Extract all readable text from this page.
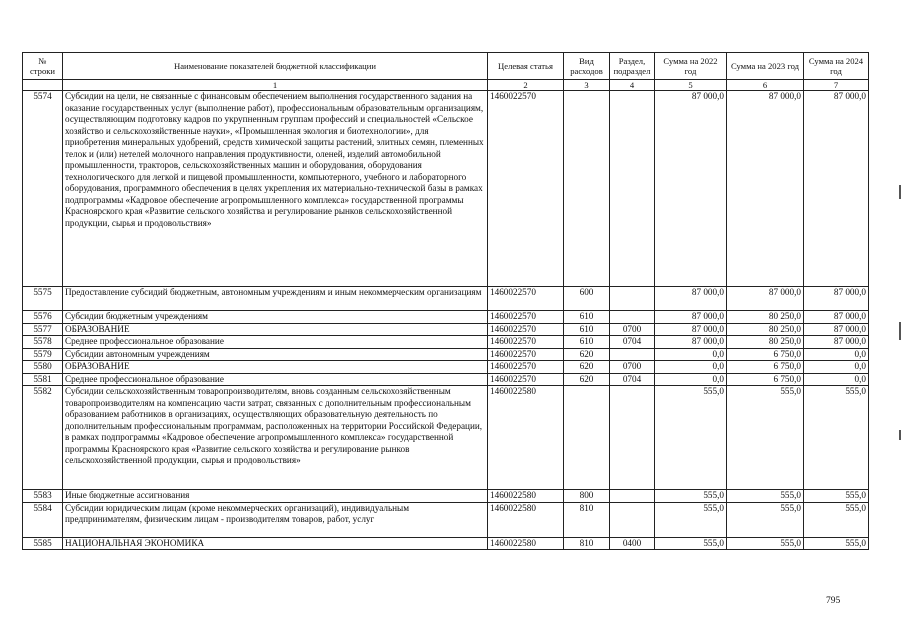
№ строки	Наименование показателей бюджетной классификации	Целевая статья	Вид расходов	Раздел, подраздел	Сумма на 2022 год	Сумма на 2023 год	Сумма на 2024 год
	1	2	3	4	5	6	7
5574	Субсидии на цели, не связанные с финансовым обеспечением выполнения государственного задания на оказание государственных услуг (выполнение работ), профессиональным образовательным организациям, осуществляющим подготовку кадров по укрупненным группам профессий и специальностей «Сельское хозяйство и сельскохозяйственные науки», «Промышленная экология и биотехнологии», для приобретения минеральных удобрений, средств химической защиты растений, элитных семян, племенных телок и (или) нетелей молочного направления продуктивности, оленей, изделий автомобильной промышленности, тракторов, сельскохозяйственных машин и оборудования, оборудования технологического для легкой и пищевой промышленности, компьютерного, учебного и лабораторного оборудования, программного обеспечения в целях укрепления их материально-технической базы в рамках подпрограммы «Кадровое обеспечение агропромышленного комплекса» государственной программы Красноярского края «Развитие сельского хозяйства и регулирование рынков сельскохозяйственной продукции, сырья и продовольствия»	1460022570			87 000,0	87 000,0	87 000,0
5575	Предоставление субсидий бюджетным, автономным учреждениям и иным некоммерческим организациям	1460022570	600		87 000,0	87 000,0	87 000,0
5576	Субсидии бюджетным учреждениям	1460022570	610		87 000,0	80 250,0	87 000,0
5577	ОБРАЗОВАНИЕ	1460022570	610	0700	87 000,0	80 250,0	87 000,0
5578	Среднее профессиональное образование	1460022570	610	0704	87 000,0	80 250,0	87 000,0
5579	Субсидии автономным учреждениям	1460022570	620		0,0	6 750,0	0,0
5580	ОБРАЗОВАНИЕ	1460022570	620	0700	0,0	6 750,0	0,0
5581	Среднее профессиональное образование	1460022570	620	0704	0,0	6 750,0	0,0
5582	Субсидии сельскохозяйственным товаропроизводителям, вновь созданным сельскохозяйственным товаропроизводителям на компенсацию части затрат, связанных с дополнительным профессиональным образованием работников в организациях, осуществляющих образовательную деятельность по дополнительным профессиональным программам, расположенных на территории Российской Федерации, в рамках подпрограммы «Кадровое обеспечение агропромышленного комплекса» государственной программы Красноярского края «Развитие сельского хозяйства и регулирование рынков сельскохозяйственной продукции, сырья и продовольствия»	1460022580			555,0	555,0	555,0
5583	Иные бюджетные ассигнования	1460022580	800		555,0	555,0	555,0
5584	Субсидии юридическим лицам (кроме некоммерческих организаций), индивидуальным предпринимателям, физическим лицам - производителям товаров, работ, услуг	1460022580	810		555,0	555,0	555,0
5585	НАЦИОНАЛЬНАЯ ЭКОНОМИКА	1460022580	810	0400	555,0	555,0	555,0
795
